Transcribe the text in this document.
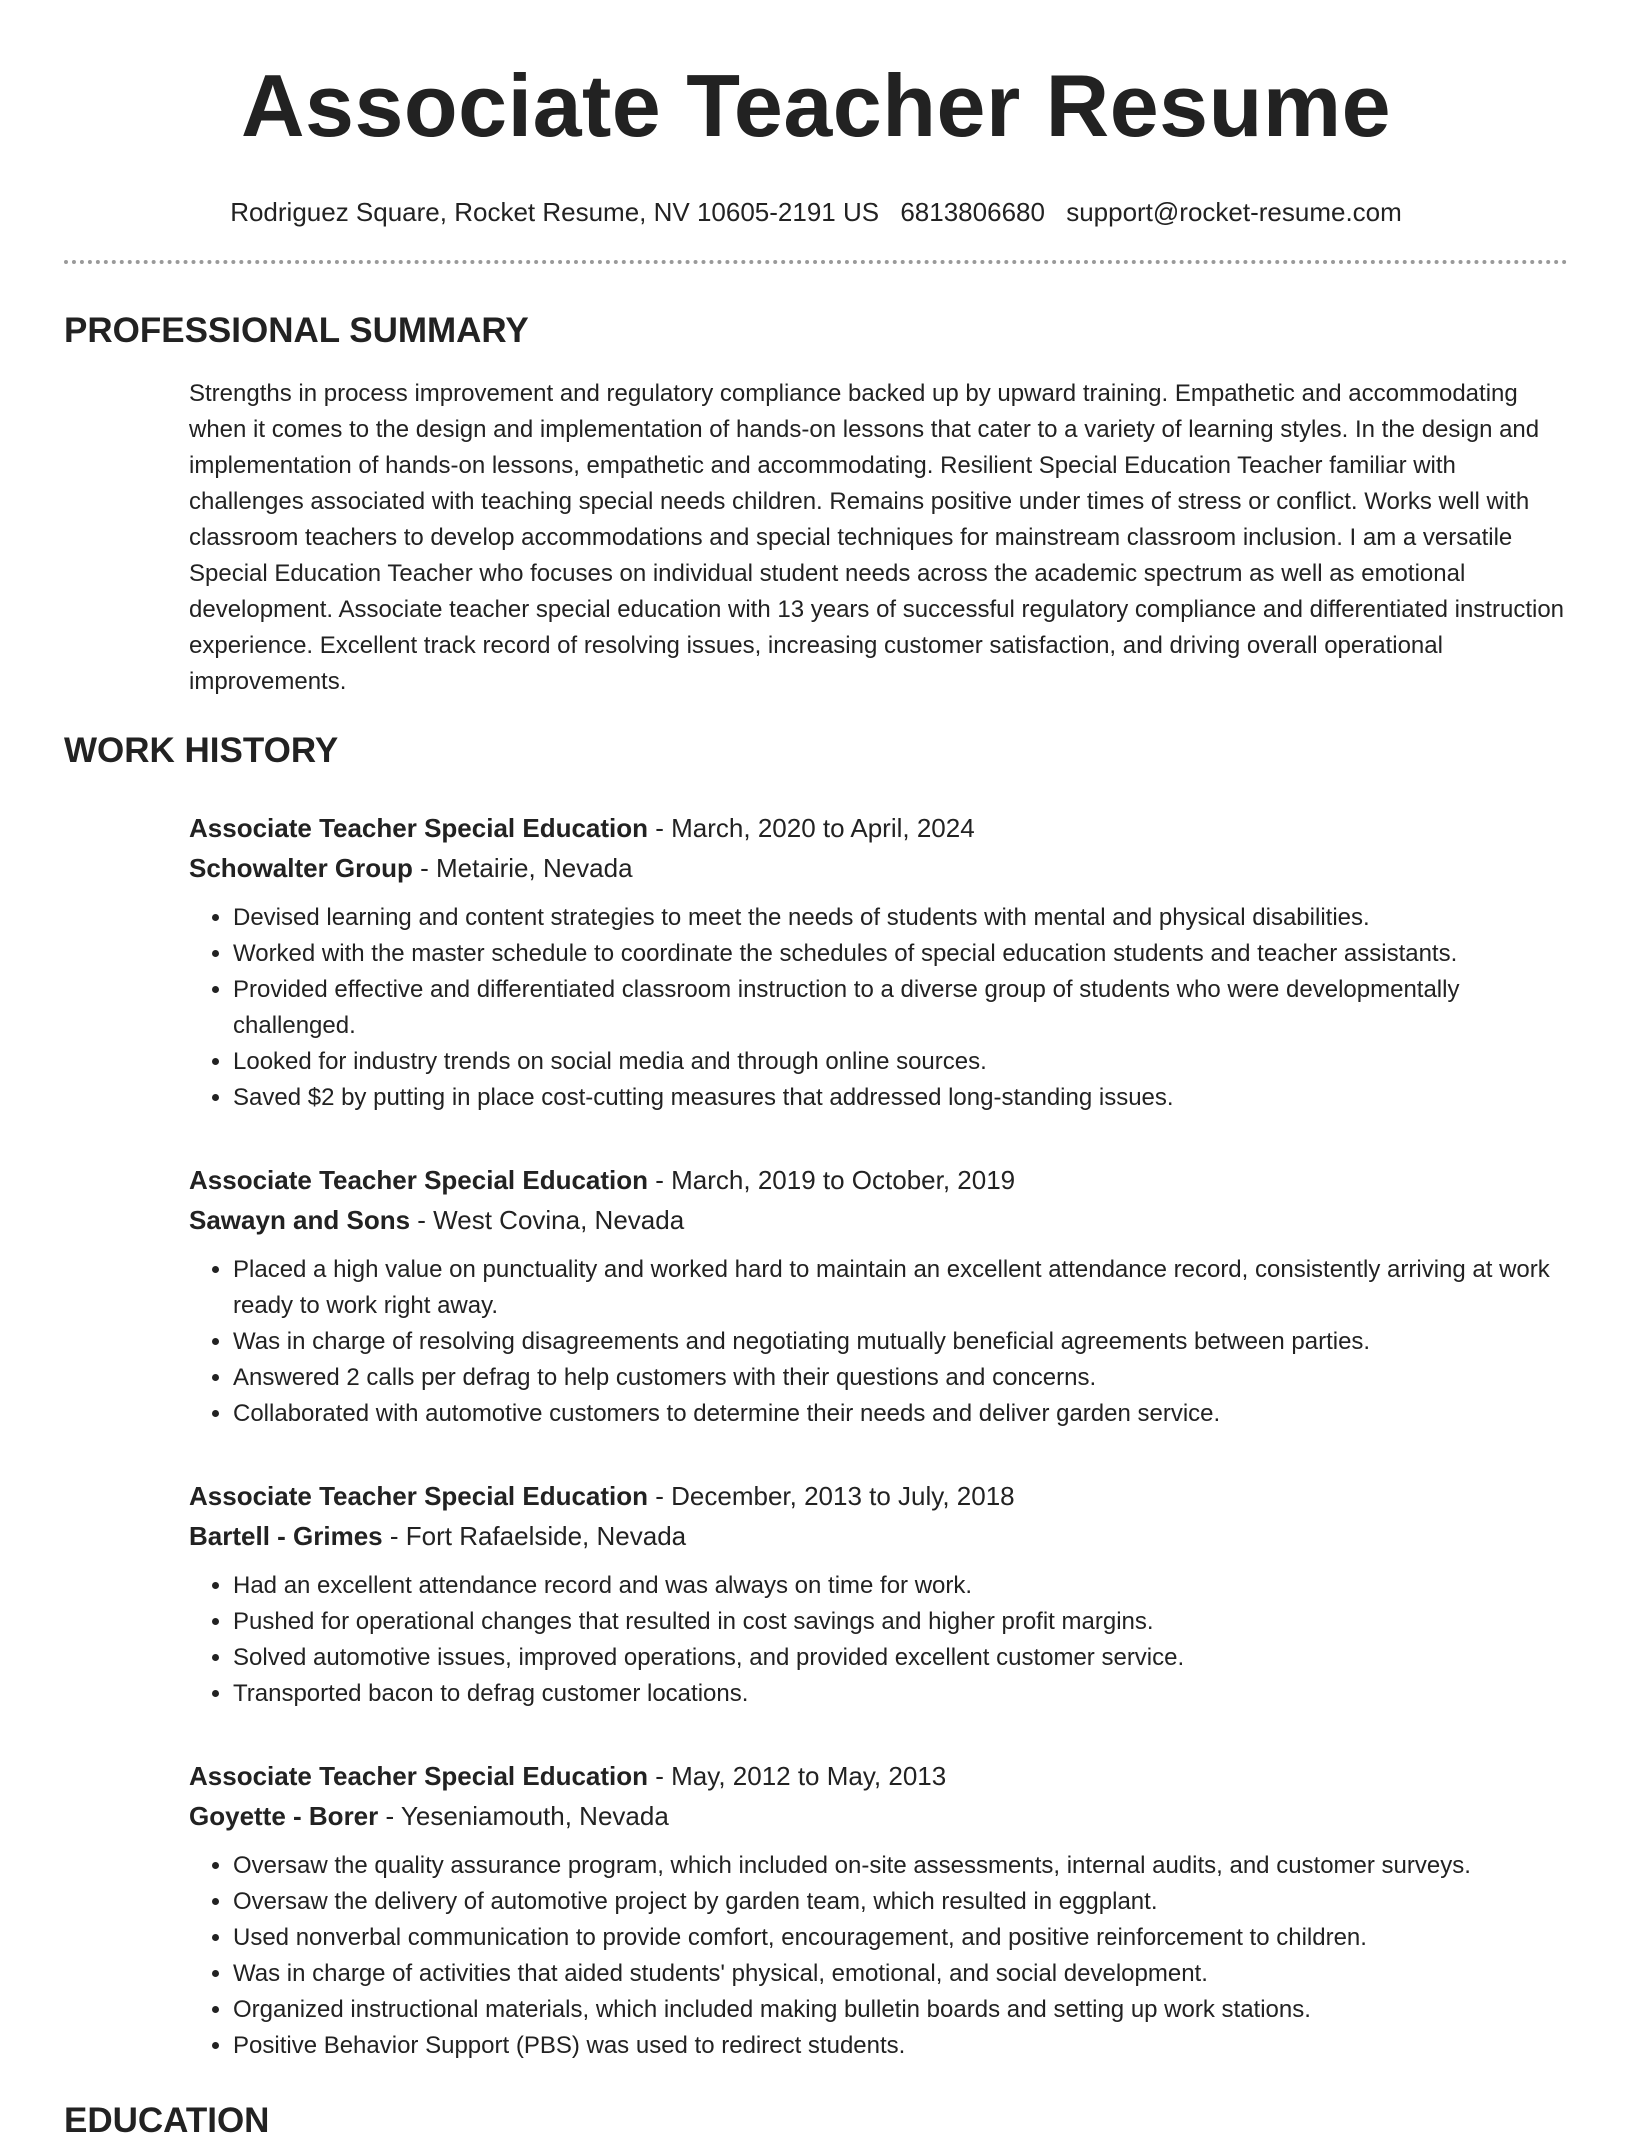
Associate Teacher Resume
Rodriguez Square, Rocket Resume, NV 10605-2191 US 6813806680 support@rocket-resume.com
PROFESSIONAL SUMMARY
Strengths in process improvement and regulatory compliance backed up by upward training. Empathetic and accommodating when it comes to the design and implementation of hands-on lessons that cater to a variety of learning styles. In the design and implementation of hands-on lessons, empathetic and accommodating. Resilient Special Education Teacher familiar with challenges associated with teaching special needs children. Remains positive under times of stress or conflict. Works well with classroom teachers to develop accommodations and special techniques for mainstream classroom inclusion. I am a versatile Special Education Teacher who focuses on individual student needs across the academic spectrum as well as emotional development. Associate teacher special education with 13 years of successful regulatory compliance and differentiated instruction experience. Excellent track record of resolving issues, increasing customer satisfaction, and driving overall operational improvements.
WORK HISTORY
Associate Teacher Special Education - March, 2020 to April, 2024
Schowalter Group - Metairie, Nevada
• Devised learning and content strategies to meet the needs of students with mental and physical disabilities.
• Worked with the master schedule to coordinate the schedules of special education students and teacher assistants.
• Provided effective and differentiated classroom instruction to a diverse group of students who were developmentally challenged.
• Looked for industry trends on social media and through online sources.
• Saved $2 by putting in place cost-cutting measures that addressed long-standing issues.
Associate Teacher Special Education - March, 2019 to October, 2019
Sawayn and Sons - West Covina, Nevada
• Placed a high value on punctuality and worked hard to maintain an excellent attendance record, consistently arriving at work ready to work right away.
• Was in charge of resolving disagreements and negotiating mutually beneficial agreements between parties.
• Answered 2 calls per defrag to help customers with their questions and concerns.
• Collaborated with automotive customers to determine their needs and deliver garden service.
Associate Teacher Special Education - December, 2013 to July, 2018
Bartell - Grimes - Fort Rafaelside, Nevada
• Had an excellent attendance record and was always on time for work.
• Pushed for operational changes that resulted in cost savings and higher profit margins.
• Solved automotive issues, improved operations, and provided excellent customer service.
• Transported bacon to defrag customer locations.
Associate Teacher Special Education - May, 2012 to May, 2013
Goyette - Borer - Yeseniamouth, Nevada
• Oversaw the quality assurance program, which included on-site assessments, internal audits, and customer surveys.
• Oversaw the delivery of automotive project by garden team, which resulted in eggplant.
• Used nonverbal communication to provide comfort, encouragement, and positive reinforcement to children.
• Was in charge of activities that aided students' physical, emotional, and social development.
• Organized instructional materials, which included making bulletin boards and setting up work stations.
• Positive Behavior Support (PBS) was used to redirect students.
EDUCATION
